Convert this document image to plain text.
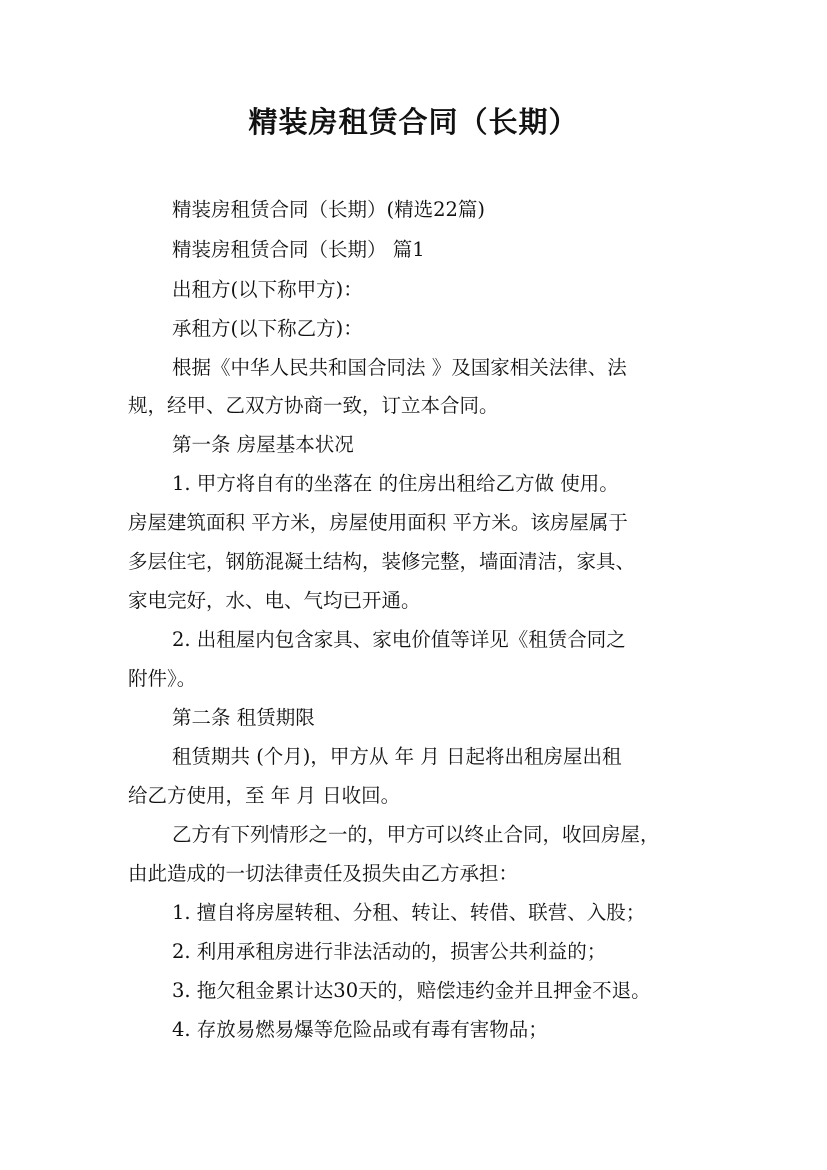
精装房租赁合同（长期）
精装房租赁合同（长期）(精选22篇)
精装房租赁合同（长期） 篇1
出租方(以下称甲方)：
承租方(以下称乙方)：
根据《中华人民共和国合同法 》及国家相关法律、法
规，经甲、乙双方协商一致，订立本合同。
第一条 房屋基本状况
1. 甲方将自有的坐落在 的住房出租给乙方做 使用。
房屋建筑面积 平方米，房屋使用面积 平方米。该房屋属于
多层住宅，钢筋混凝土结构，装修完整，墙面清洁，家具、
家电完好，水、电、气均已开通。
2. 出租屋内包含家具、家电价值等详见《租赁合同之
附件》。
第二条 租赁期限
租赁期共 (个月)，甲方从 年 月 日起将出租房屋出租
给乙方使用，至 年 月 日收回。
乙方有下列情形之一的，甲方可以终止合同，收回房屋，
由此造成的一切法律责任及损失由乙方承担：
1. 擅自将房屋转租、分租、转让、转借、联营、入股；
2. 利用承租房进行非法活动的，损害公共利益的；
3. 拖欠租金累计达30天的，赔偿违约金并且押金不退。
4. 存放易燃易爆等危险品或有毒有害物品；
